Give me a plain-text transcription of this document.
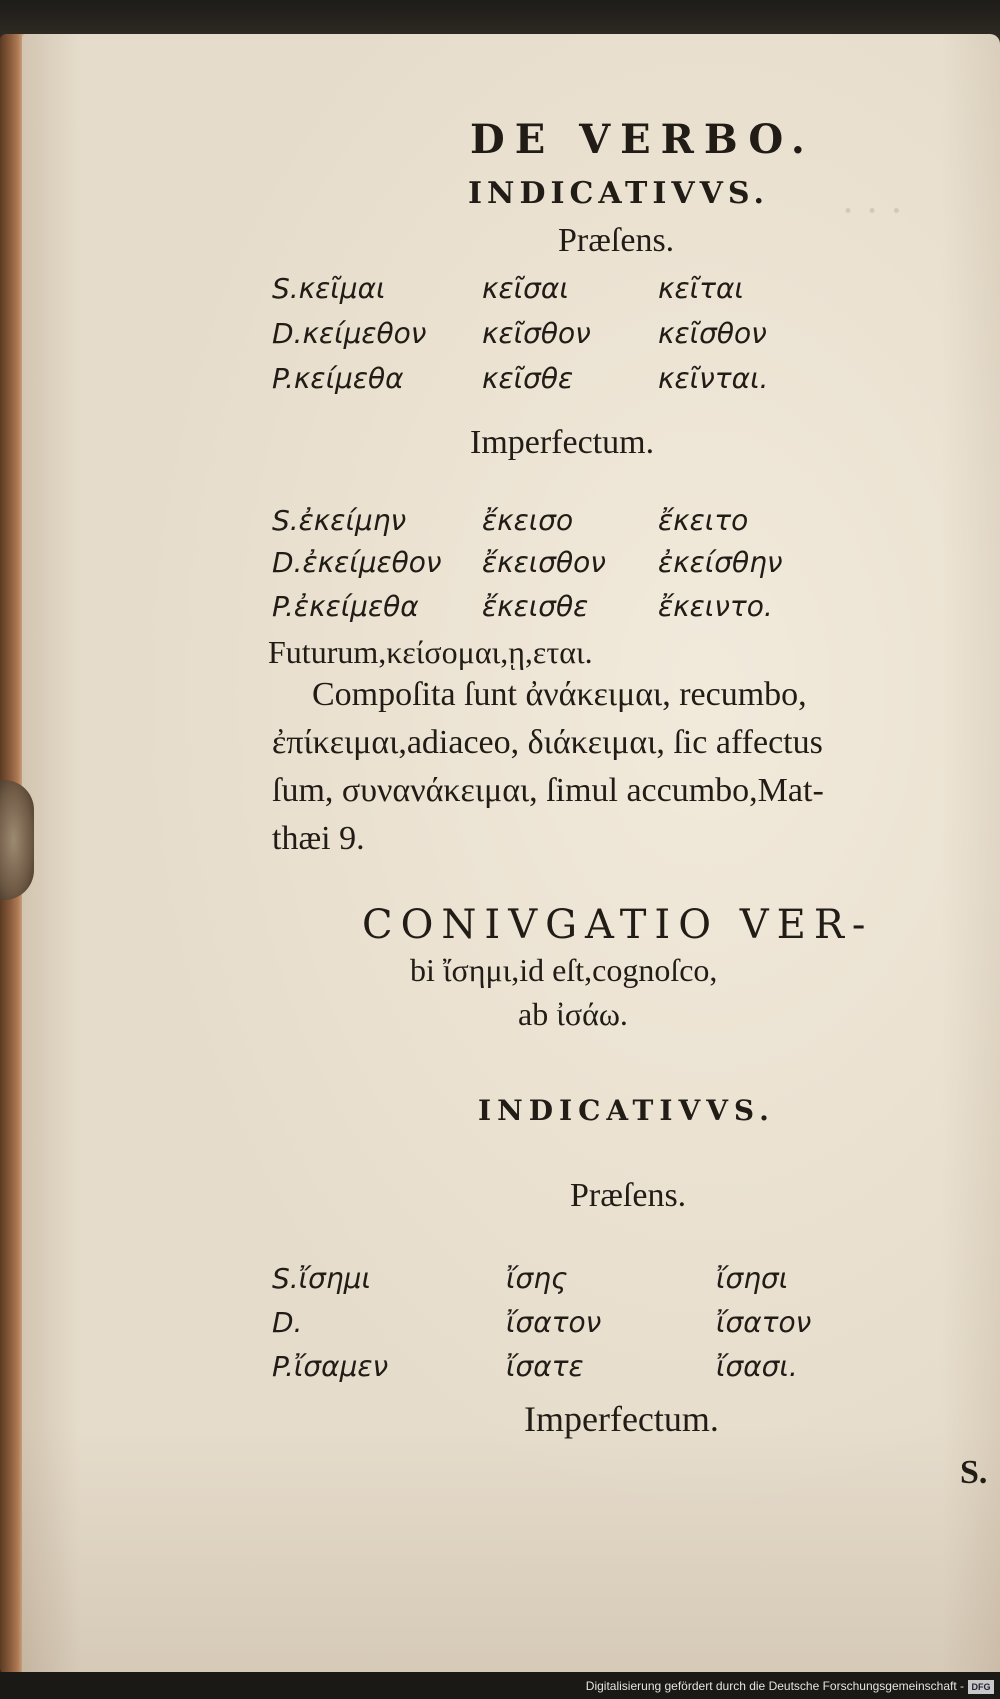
· · ·
DE VERBO.
INDICATIVVS.
Præſens.
S.κεῖμαι	κεῖσαι	κεῖται
D.κείμεθον κεῖσθον κεῖσθον
P.κείμεθα	κεῖσθε	κεῖνται.
Imperfectum.
S.ἐκείμην	ἔκεισο	ἔκειτο
D.ἐκείμεθον ἔκεισθον ἐκείσθην
P.ἐκείμεθα ἔκεισθε ἔκειντο.
Futurum,κείσομαι,ῃ,εται.
Compoſita ſunt ἀνάκειμαι, recumbo,
ἐπίκειμαι,adiaceo, διάκειμαι, ſic affectus
ſum, συνανάκειμαι, ſimul accumbo,Mat-
thæi 9.
CONIVGATIO VER-
bi ἴσημι,id eſt,cognoſco,
ab ἰσάω.
INDICATIVVS.
Præſens.
S.ἴσημι	ἴσης	ἴσησι
D.	ἴσατον	ἴσατον
P.ἴσαμεν	ἴσατε	ἴσασι.
Imperfectum.
S.
Digitalisierung gefördert durch die Deutsche Forschungsgemeinschaft - DFG
